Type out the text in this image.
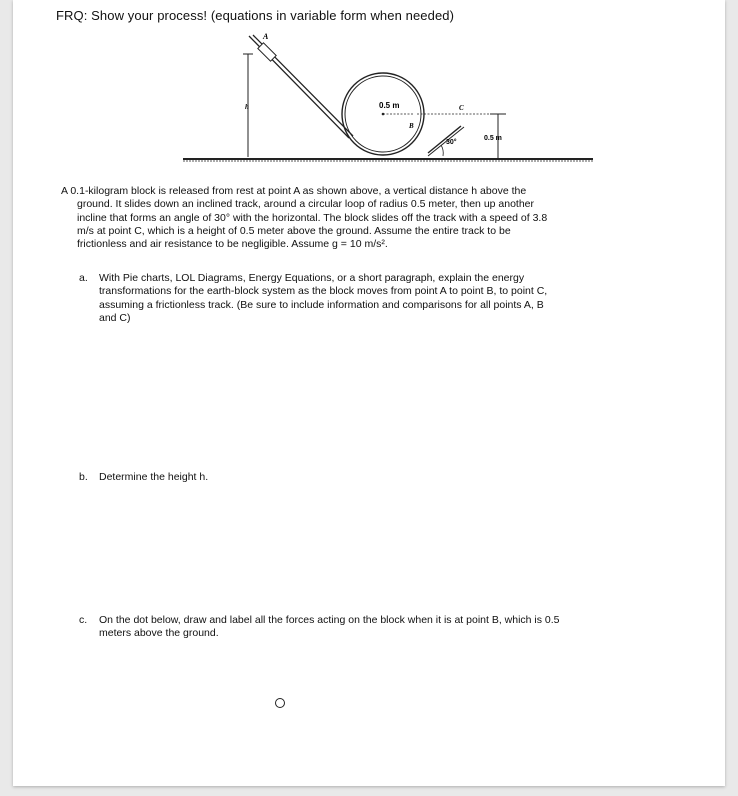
FRQ: Show your process! (equations in variable form when needed)
A
h	0.5 m
B
30°
C
0.5 m
A 0.1-kilogram block is released from rest at point A as shown above, a vertical distance h above the

ground. It slides down an inclined track, around a circular loop of radius 0.5 meter, then up another
incline that forms an angle of 30° with the horizontal. The block slides off the track with a speed of 3.8
m/s at point C, which is a height of 0.5 meter above the ground. Assume the entire track to be
frictionless and air resistance to be negligible. Assume g = 10 m/s².
a. With Pie charts, LOL Diagrams, Energy Equations, or a short paragraph, explain the energy
transformations for the earth-block system as the block moves from point A to point B, to point C,
assuming a frictionless track. (Be sure to include information and comparisons for all points A, B
and C)
b. Determine the height h.
c. On the dot below, draw and label all the forces acting on the block when it is at point B, which is 0.5
meters above the ground.
